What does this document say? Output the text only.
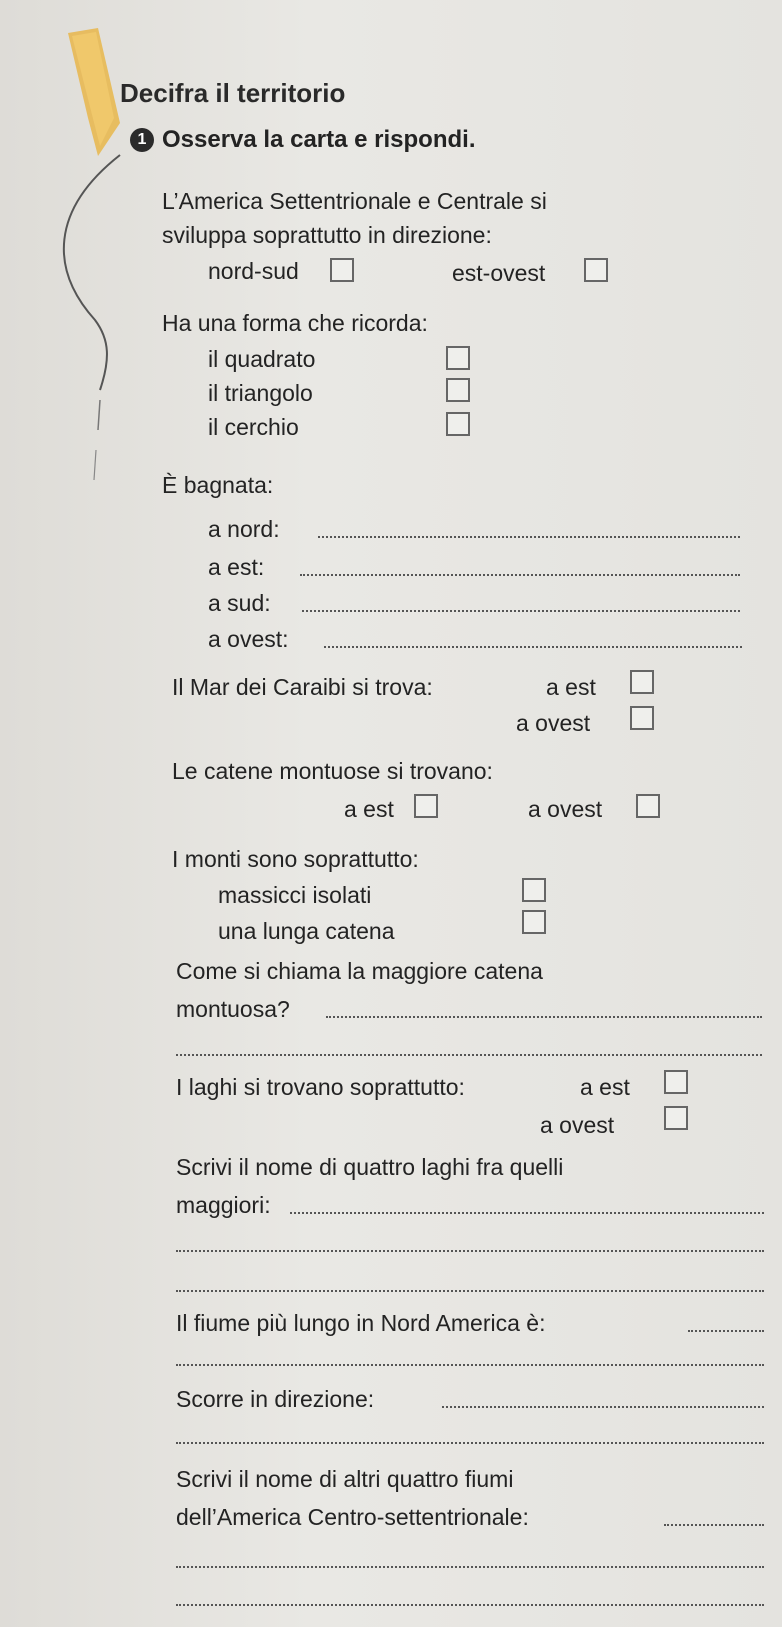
Decifra il territorio
1 Osserva la carta e rispondi.
L’America Settentrionale e Centrale si
sviluppa soprattutto in direzione:
nord-sud	est-ovest
Ha una forma che ricorda:
il quadrato
il triangolo
il cerchio
È bagnata:
a nord:
a est:
a sud:
a ovest:
Il Mar dei Caraibi si trova:	a est
a ovest
Le catene montuose si trovano:
a est	a ovest
I monti sono soprattutto:
massicci isolati
una lunga catena
Come si chiama la maggiore catena
montuosa?
I laghi si trovano soprattutto:	a est
a ovest
Scrivi il nome di quattro laghi fra quelli
maggiori:
Il fiume più lungo in Nord America è:
Scorre in direzione:
Scrivi il nome di altri quattro fiumi
dell’America Centro-settentrionale:
